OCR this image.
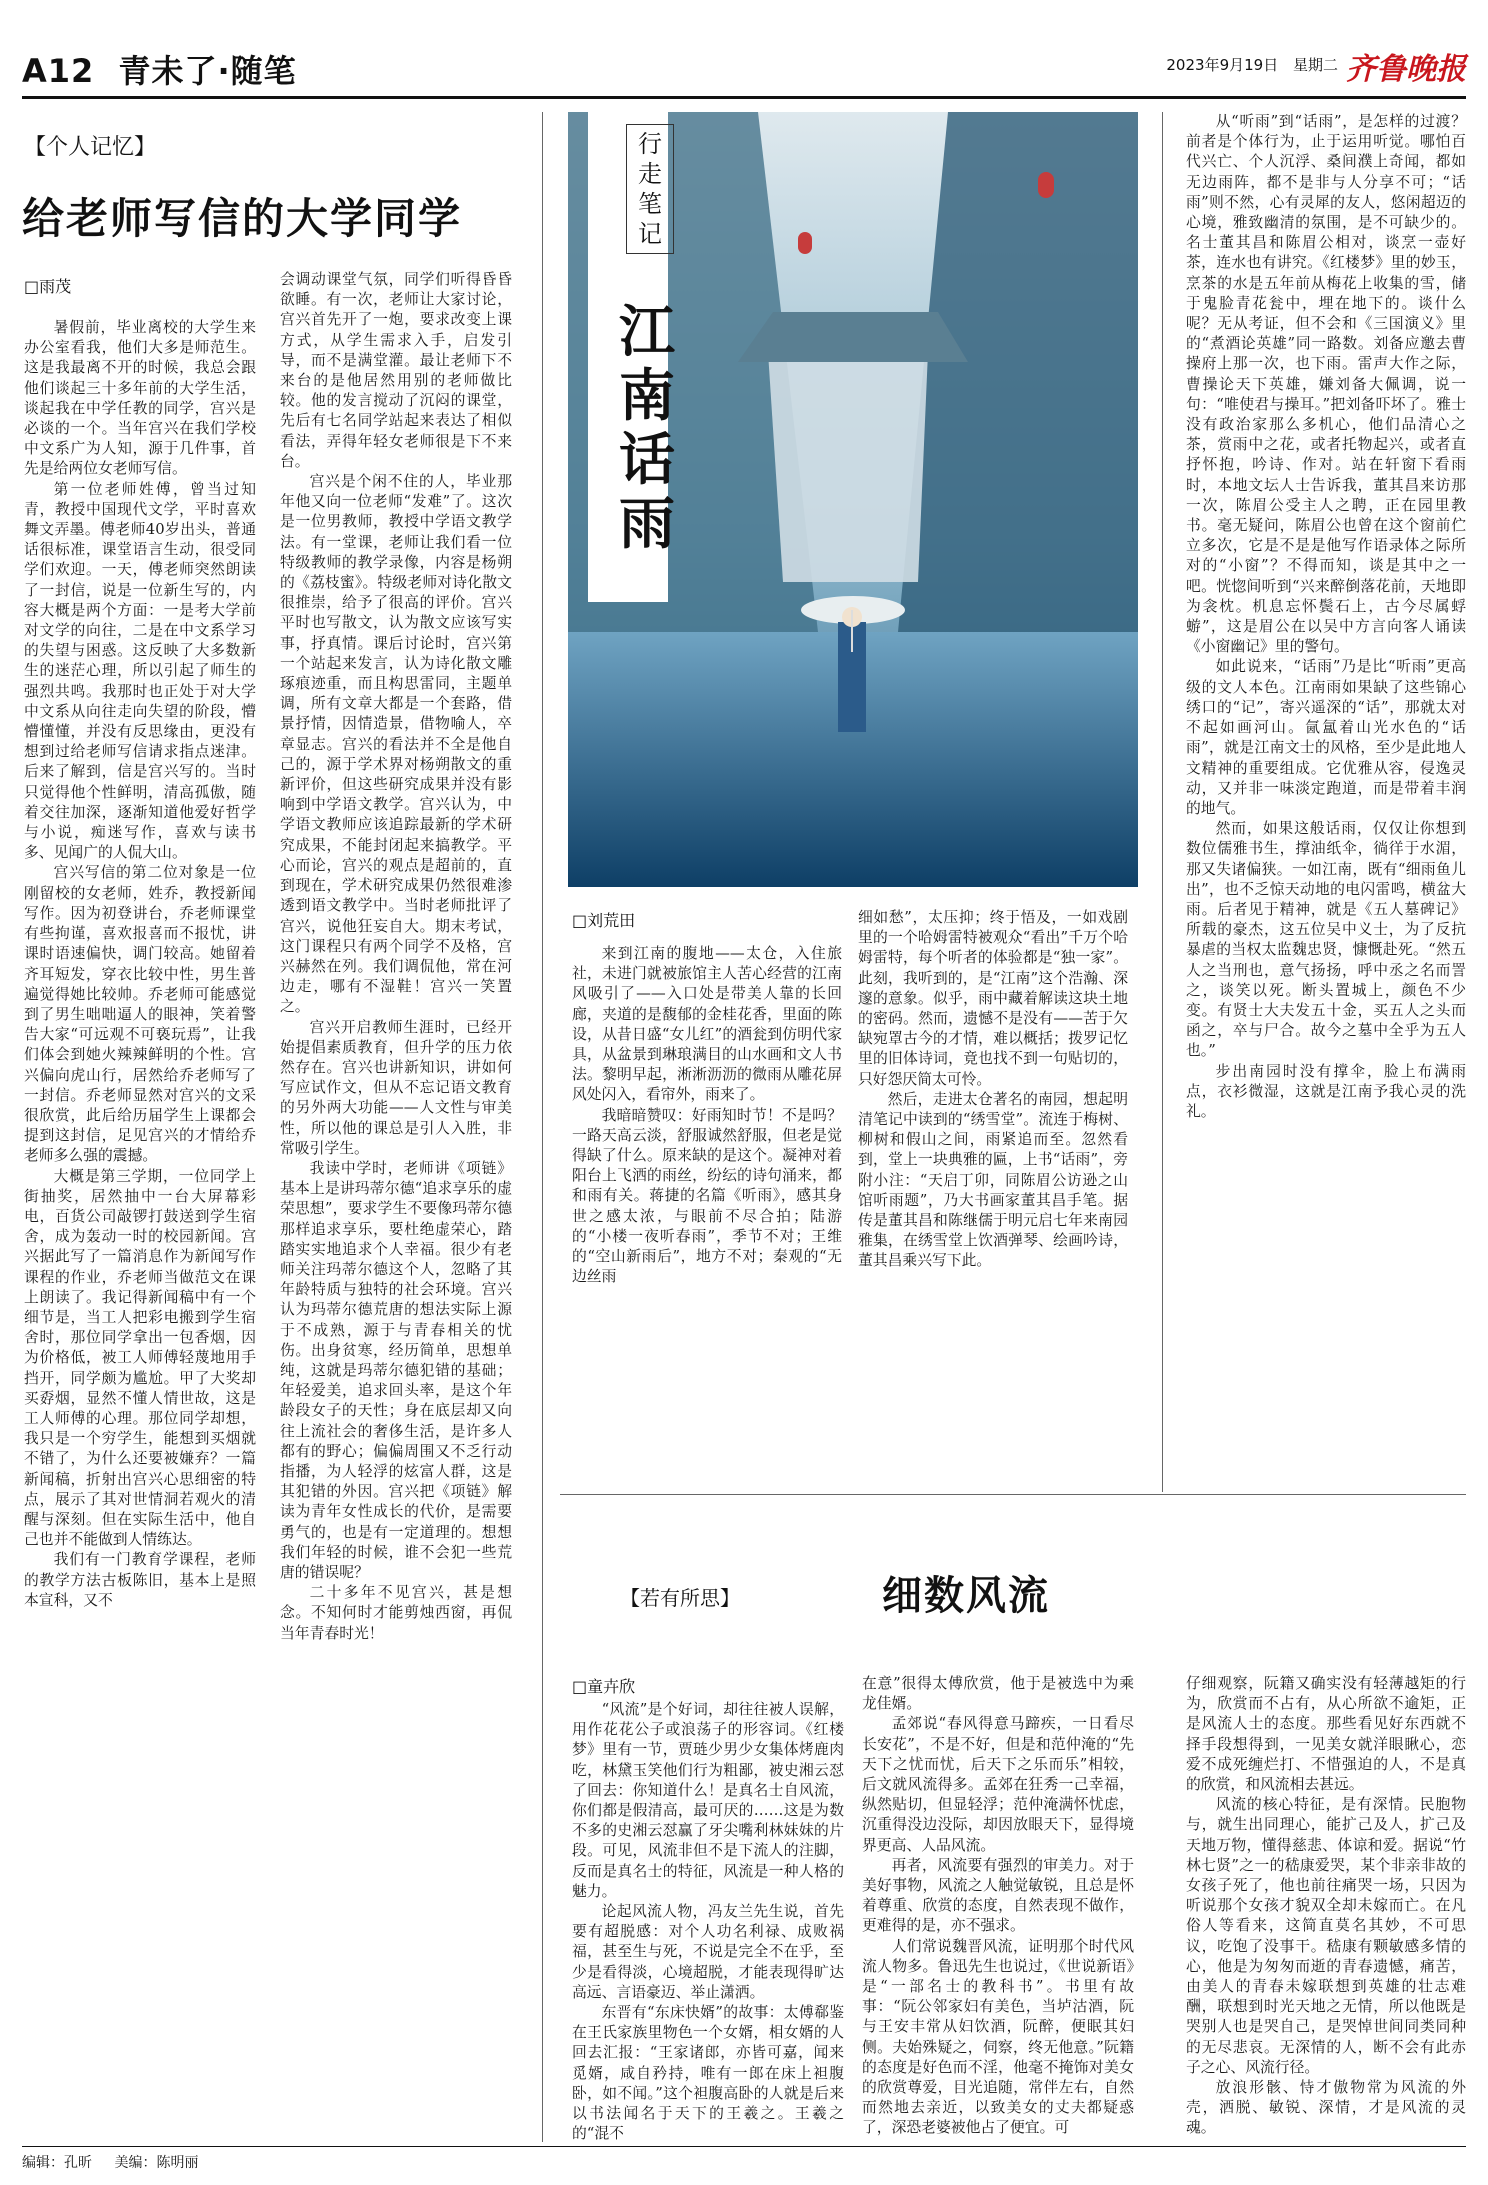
A12 青未了·随笔	2023年9月19日 星期二 齐鲁晚报
【个人记忆】
给老师写信的大学同学
□雨茂

暑假前，毕业离校的大学生来办公室看我，他们大多是师范生。这是我最离不开的时候，我总会跟他们谈起三十多年前的大学生活，谈起我在中学任教的同学，宫兴是必谈的一个。当年宫兴在我们学校中文系广为人知，源于几件事，首先是给两位女老师写信。

第一位老师姓傅，曾当过知青，教授中国现代文学，平时喜欢舞文弄墨。傅老师40岁出头，普通话很标准，课堂语言生动，很受同学们欢迎。一天，傅老师突然朗读了一封信，说是一位新生写的，内容大概是两个方面：一是考大学前对文学的向往，二是在中文系学习的失望与困惑。这反映了大多数新生的迷茫心理，所以引起了师生的强烈共鸣。我那时也正处于对大学中文系从向往走向失望的阶段，懵懵懂懂，并没有反思缘由，更没有想到过给老师写信请求指点迷津。后来了解到，信是宫兴写的。当时只觉得他个性鲜明，清高孤傲，随着交往加深，逐渐知道他爱好哲学与小说，痴迷写作，喜欢与读书多、见闻广的人侃大山。

宫兴写信的第二位对象是一位刚留校的女老师，姓乔，教授新闻写作。因为初登讲台，乔老师课堂有些拘谨，喜欢报喜而不报忧，讲课时语速偏快，调门较高。她留着齐耳短发，穿衣比较中性，男生普遍觉得她比较帅。乔老师可能感觉到了男生咄咄逼人的眼神，笑着警告大家“可远观不可亵玩焉”，让我们体会到她火辣辣鲜明的个性。宫兴偏向虎山行，居然给乔老师写了一封信。乔老师显然对宫兴的文采很欣赏，此后给历届学生上课都会提到这封信，足见宫兴的才情给乔老师多么强的震撼。

大概是第三学期，一位同学上街抽奖，居然抽中一台大屏幕彩电，百货公司敲锣打鼓送到学生宿舍，成为轰动一时的校园新闻。宫兴据此写了一篇消息作为新闻写作课程的作业，乔老师当做范文在课上朗读了。我记得新闻稿中有一个细节是，当工人把彩电搬到学生宿舍时，那位同学拿出一包香烟，因为价格低，被工人师傅轻蔑地用手挡开，同学颇为尴尬。甲了大奖却买孬烟，显然不懂人情世故，这是工人师傅的心理。那位同学却想，我只是一个穷学生，能想到买烟就不错了，为什么还要被嫌弃？一篇新闻稿，折射出宫兴心思细密的特点，展示了其对世情洞若观火的清醒与深刻。但在实际生活中，他自己也并不能做到人情练达。

我们有一门教育学课程，老师的教学方法古板陈旧，基本上是照本宣科，又不

会调动课堂气氛，同学们听得昏昏欲睡。有一次，老师让大家讨论，宫兴首先开了一炮，要求改变上课方式，从学生需求入手，启发引导，而不是满堂灌。最让老师下不来台的是他居然用别的老师做比较。他的发言搅动了沉闷的课堂，先后有七名同学站起来表达了相似看法，弄得年轻女老师很是下不来台。

宫兴是个闲不住的人，毕业那年他又向一位老师“发难”了。这次是一位男教师，教授中学语文教学法。有一堂课，老师让我们看一位特级教师的教学录像，内容是杨朔的《荔枝蜜》。特级老师对诗化散文很推崇，给予了很高的评价。宫兴平时也写散文，认为散文应该写实事，抒真情。课后讨论时，宫兴第一个站起来发言，认为诗化散文雕琢痕迹重，而且构思雷同，主题单调，所有文章大都是一个套路，借景抒情，因情造景，借物喻人，卒章显志。宫兴的看法并不全是他自己的，源于学术界对杨朔散文的重新评价，但这些研究成果并没有影响到中学语文教学。宫兴认为，中学语文教师应该追踪最新的学术研究成果，不能封闭起来搞教学。平心而论，宫兴的观点是超前的，直到现在，学术研究成果仍然很难渗透到语文教学中。当时老师批评了宫兴，说他狂妄自大。期末考试，这门课程只有两个同学不及格，宫兴赫然在列。我们调侃他，常在河边走，哪有不湿鞋！宫兴一笑置之。

宫兴开启教师生涯时，已经开始提倡素质教育，但升学的压力依然存在。宫兴也讲新知识，讲如何写应试作文，但从不忘记语文教育的另外两大功能——人文性与审美性，所以他的课总是引人入胜，非常吸引学生。

我读中学时，老师讲《项链》基本上是讲玛蒂尔德“追求享乐的虚荣思想”，要求学生不要像玛蒂尔德那样追求享乐，要杜绝虚荣心，踏踏实实地追求个人幸福。很少有老师关注玛蒂尔德这个人，忽略了其年龄特质与独特的社会环境。宫兴认为玛蒂尔德荒唐的想法实际上源于不成熟，源于与青春相关的忧伤。出身贫寒，经历简单，思想单纯，这就是玛蒂尔德犯错的基础；年轻爱美，追求回头率，是这个年龄段女子的天性；身在底层却又向往上流社会的奢侈生活，是许多人都有的野心；偏偏周围又不乏行动指播，为人轻浮的炫富人群，这是其犯错的外因。宫兴把《项链》解读为青年女性成长的代价，是需要勇气的，也是有一定道理的。想想我们年轻的时候，谁不会犯一些荒唐的错误呢？

二十多年不见宫兴，甚是想念。不知何时才能剪烛西窗，再侃当年青春时光！

行走笔记
江南话雨
□刘荒田

来到江南的腹地——太仓，入住旅社，未进门就被旅馆主人苦心经营的江南风吸引了——入口处是带美人靠的长回廊，夹道的是馥郁的金桂花香，里面的陈设，从昔日盛“女儿红”的酒瓮到仿明代家具，从盆景到琳琅满目的山水画和文人书法。黎明早起，淅淅沥沥的微雨从雕花屏风处闪入，看帘外，雨来了。

我暗暗赞叹：好雨知时节！不是吗？一路天高云淡，舒服诚然舒服，但老是觉得缺了什么。原来缺的是这个。凝神对着阳台上飞洒的雨丝，纷纭的诗句涌来，都和雨有关。蒋捷的名篇《听雨》，感其身世之感太浓，与眼前不尽合拍；陆游的“小楼一夜听春雨”，季节不对；王维的“空山新雨后”，地方不对；秦观的“无边丝雨

细如愁”，太压抑；终于悟及，一如戏剧里的一个哈姆雷特被观众“看出”千万个哈姆雷特，每个听者的体验都是“独一家”。此刻，我听到的，是“江南”这个浩瀚、深邃的意象。似乎，雨中藏着解读这块土地的密码。然而，遗憾不是没有——苦于欠缺宛罩古今的才情，难以概括；拨罗记忆里的旧体诗词，竟也找不到一句贴切的，只好怨厌简太可怜。

然后，走进太仓著名的南园，想起明清笔记中读到的“绣雪堂”。流连于梅树、柳树和假山之间，雨紧追而至。忽然看到，堂上一块典雅的匾，上书“话雨”，旁附小注：“天启丁卯，同陈眉公访逊之山馆听雨题”，乃大书画家董其昌手笔。据传是董其昌和陈继儒于明元启七年来南园雅集，在绣雪堂上饮酒弹琴、绘画吟诗，董其昌乘兴写下此。

从“听雨”到“话雨”，是怎样的过渡？前者是个体行为，止于运用听觉。哪怕百代兴亡、个人沉浮、桑间濮上奇闻，都如无边雨阵，都不是非与人分享不可；“话雨”则不然，心有灵犀的友人，悠闲超迈的心境，雅致幽清的氛围，是不可缺少的。名士董其昌和陈眉公相对，谈烹一壶好茶，连水也有讲究。《红楼梦》里的妙玉，烹茶的水是五年前从梅花上收集的雪，储于鬼脸青花瓮中，埋在地下的。谈什么呢？无从考证，但不会和《三国演义》里的“煮酒论英雄”同一路数。刘备应邀去曹操府上那一次，也下雨。雷声大作之际，曹操论天下英雄，嫌刘备大佩调，说一句：“唯使君与操耳。”把刘备吓坏了。雅士没有政治家那么多机心，他们品清心之茶，赏雨中之花，或者托物起兴，或者直抒怀抱，吟诗、作对。站在轩窗下看雨时，本地文坛人士告诉我，董其昌来访那一次，陈眉公受主人之聘，正在园里教书。毫无疑问，陈眉公也曾在这个窗前伫立多次，它是不是是他写作语录体之际所对的“小窗”？不得而知，谈是其中之一吧。恍惚间听到“兴来醉倒落花前，天地即为衾枕。机息忘怀鬓石上，古今尽属蜉蝣”，这是眉公在以吴中方言向客人诵读《小窗幽记》里的警句。

如此说来，“话雨”乃是比“听雨”更高级的文人本色。江南雨如果缺了这些锦心绣口的“记”，寄兴遥深的“话”，那就太对不起如画河山。氤氲着山光水色的“话雨”，就是江南文士的风格，至少是此地人文精神的重要组成。它优雅从容，侵逸灵动，又并非一味淡定跑道，而是带着丰润的地气。

然而，如果这般话雨，仅仅让你想到数位儒雅书生，撑油纸伞，徜徉于水湄，那又失诸偏狭。一如江南，既有“细雨鱼儿出”，也不乏惊天动地的电闪雷鸣，横盆大雨。后者见于精神，就是《五人墓碑记》所载的豪杰，这五位吴中义士，为了反抗暴虐的当权太监魏忠贤，慷慨赴死。“然五人之当刑也，意气扬扬，呼中丞之名而詈之，谈笑以死。断头置城上，颜色不少变。有贤士大夫发五十金，买五人之头而函之，卒与尸合。故今之墓中全乎为五人也。”

步出南园时没有撑伞，脸上布满雨点，衣衫微湿，这就是江南予我心灵的洗礼。

【若有所思】	细数风流
□童卉欣

“风流”是个好词，却往往被人误解，用作花花公子或浪荡子的形容词。《红楼梦》里有一节，贾琏少男少女集体烤鹿肉吃，林黛玉笑他们行为粗鄙，被史湘云怼了回去：你知道什么！是真名士自风流，你们都是假清高，最可厌的……这是为数不多的史湘云怼赢了牙尖嘴利林妹妹的片段。可见，风流非但不是下流人的注脚，反而是真名士的特征，风流是一种人格的魅力。

论起风流人物，冯友兰先生说，首先要有超脱感：对个人功名利禄、成败祸福，甚至生与死，不说是完全不在乎，至少是看得淡，心境超脱，才能表现得旷达高远、言语豪迈、举止潇洒。

东晋有“东床快婿”的故事：太傅郗鉴在王氏家族里物色一个女婿，相女婿的人回去汇报：“王家诸郎，亦皆可嘉，闻来觅婿，咸自矜持，唯有一郎在床上袒腹卧，如不闻。”这个袒腹高卧的人就是后来以书法闻名于天下的王羲之。王羲之的“混不

在意”很得太傅欣赏，他于是被选中为乘龙佳婿。

孟郊说“春风得意马蹄疾，一日看尽长安花”，不是不好，但是和范仲淹的“先天下之忧而忧，后天下之乐而乐”相较，后文就风流得多。孟郊在狂秀一己幸福，纵然贴切，但显轻浮；范仲淹满怀忧虑，沉重得没边没际，却因放眼天下，显得境界更高、人品风流。

再者，风流要有强烈的审美力。对于美好事物，风流之人触觉敏锐，且总是怀着尊重、欣赏的态度，自然表现不做作，更难得的是，亦不强求。

人们常说魏晋风流，证明那个时代风流人物多。鲁迅先生也说过，《世说新语》是“一部名士的教科书”。书里有故事：“阮公邻家妇有美色，当垆沽酒，阮与王安丰常从妇饮酒，阮醉，便眠其妇侧。夫始殊疑之，伺察，终无他意。”阮籍的态度是好色而不淫，他毫不掩饰对美女的欣赏尊爱，目光追随，常伴左右，自然而然地去亲近，以致美女的丈夫都疑惑了，深恐老婆被他占了便宜。可

仔细观察，阮籍又确实没有轻薄越矩的行为，欣赏而不占有，从心所欲不逾矩，正是风流人士的态度。那些看见好东西就不择手段想得到，一见美女就洋眼瞅心，恋爱不成死缠烂打、不惜强迫的人，不是真的欣赏，和风流相去甚远。

风流的核心特征，是有深情。民胞物与，就生出同理心，能扩己及人，扩己及天地万物，懂得慈悲、体谅和爱。据说“竹林七贤”之一的嵇康爱哭，某个非亲非故的女孩子死了，他也前往痛哭一场，只因为听说那个女孩才貌双全却未嫁而亡。在凡俗人等看来，这简直莫名其妙，不可思议，吃饱了没事干。嵇康有颗敏感多情的心，他是为匆匆而逝的青春遗憾，痛苦，由美人的青春未嫁联想到英雄的壮志难酬，联想到时光天地之无情，所以他既是哭别人也是哭自己，是哭悼世间同类同种的无尽悲哀。无深情的人，断不会有此赤子之心、风流行径。

放浪形骸、恃才傲物常为风流的外壳，洒脱、敏锐、深情，才是风流的灵魂。

编辑：孔昕 美编：陈明丽
